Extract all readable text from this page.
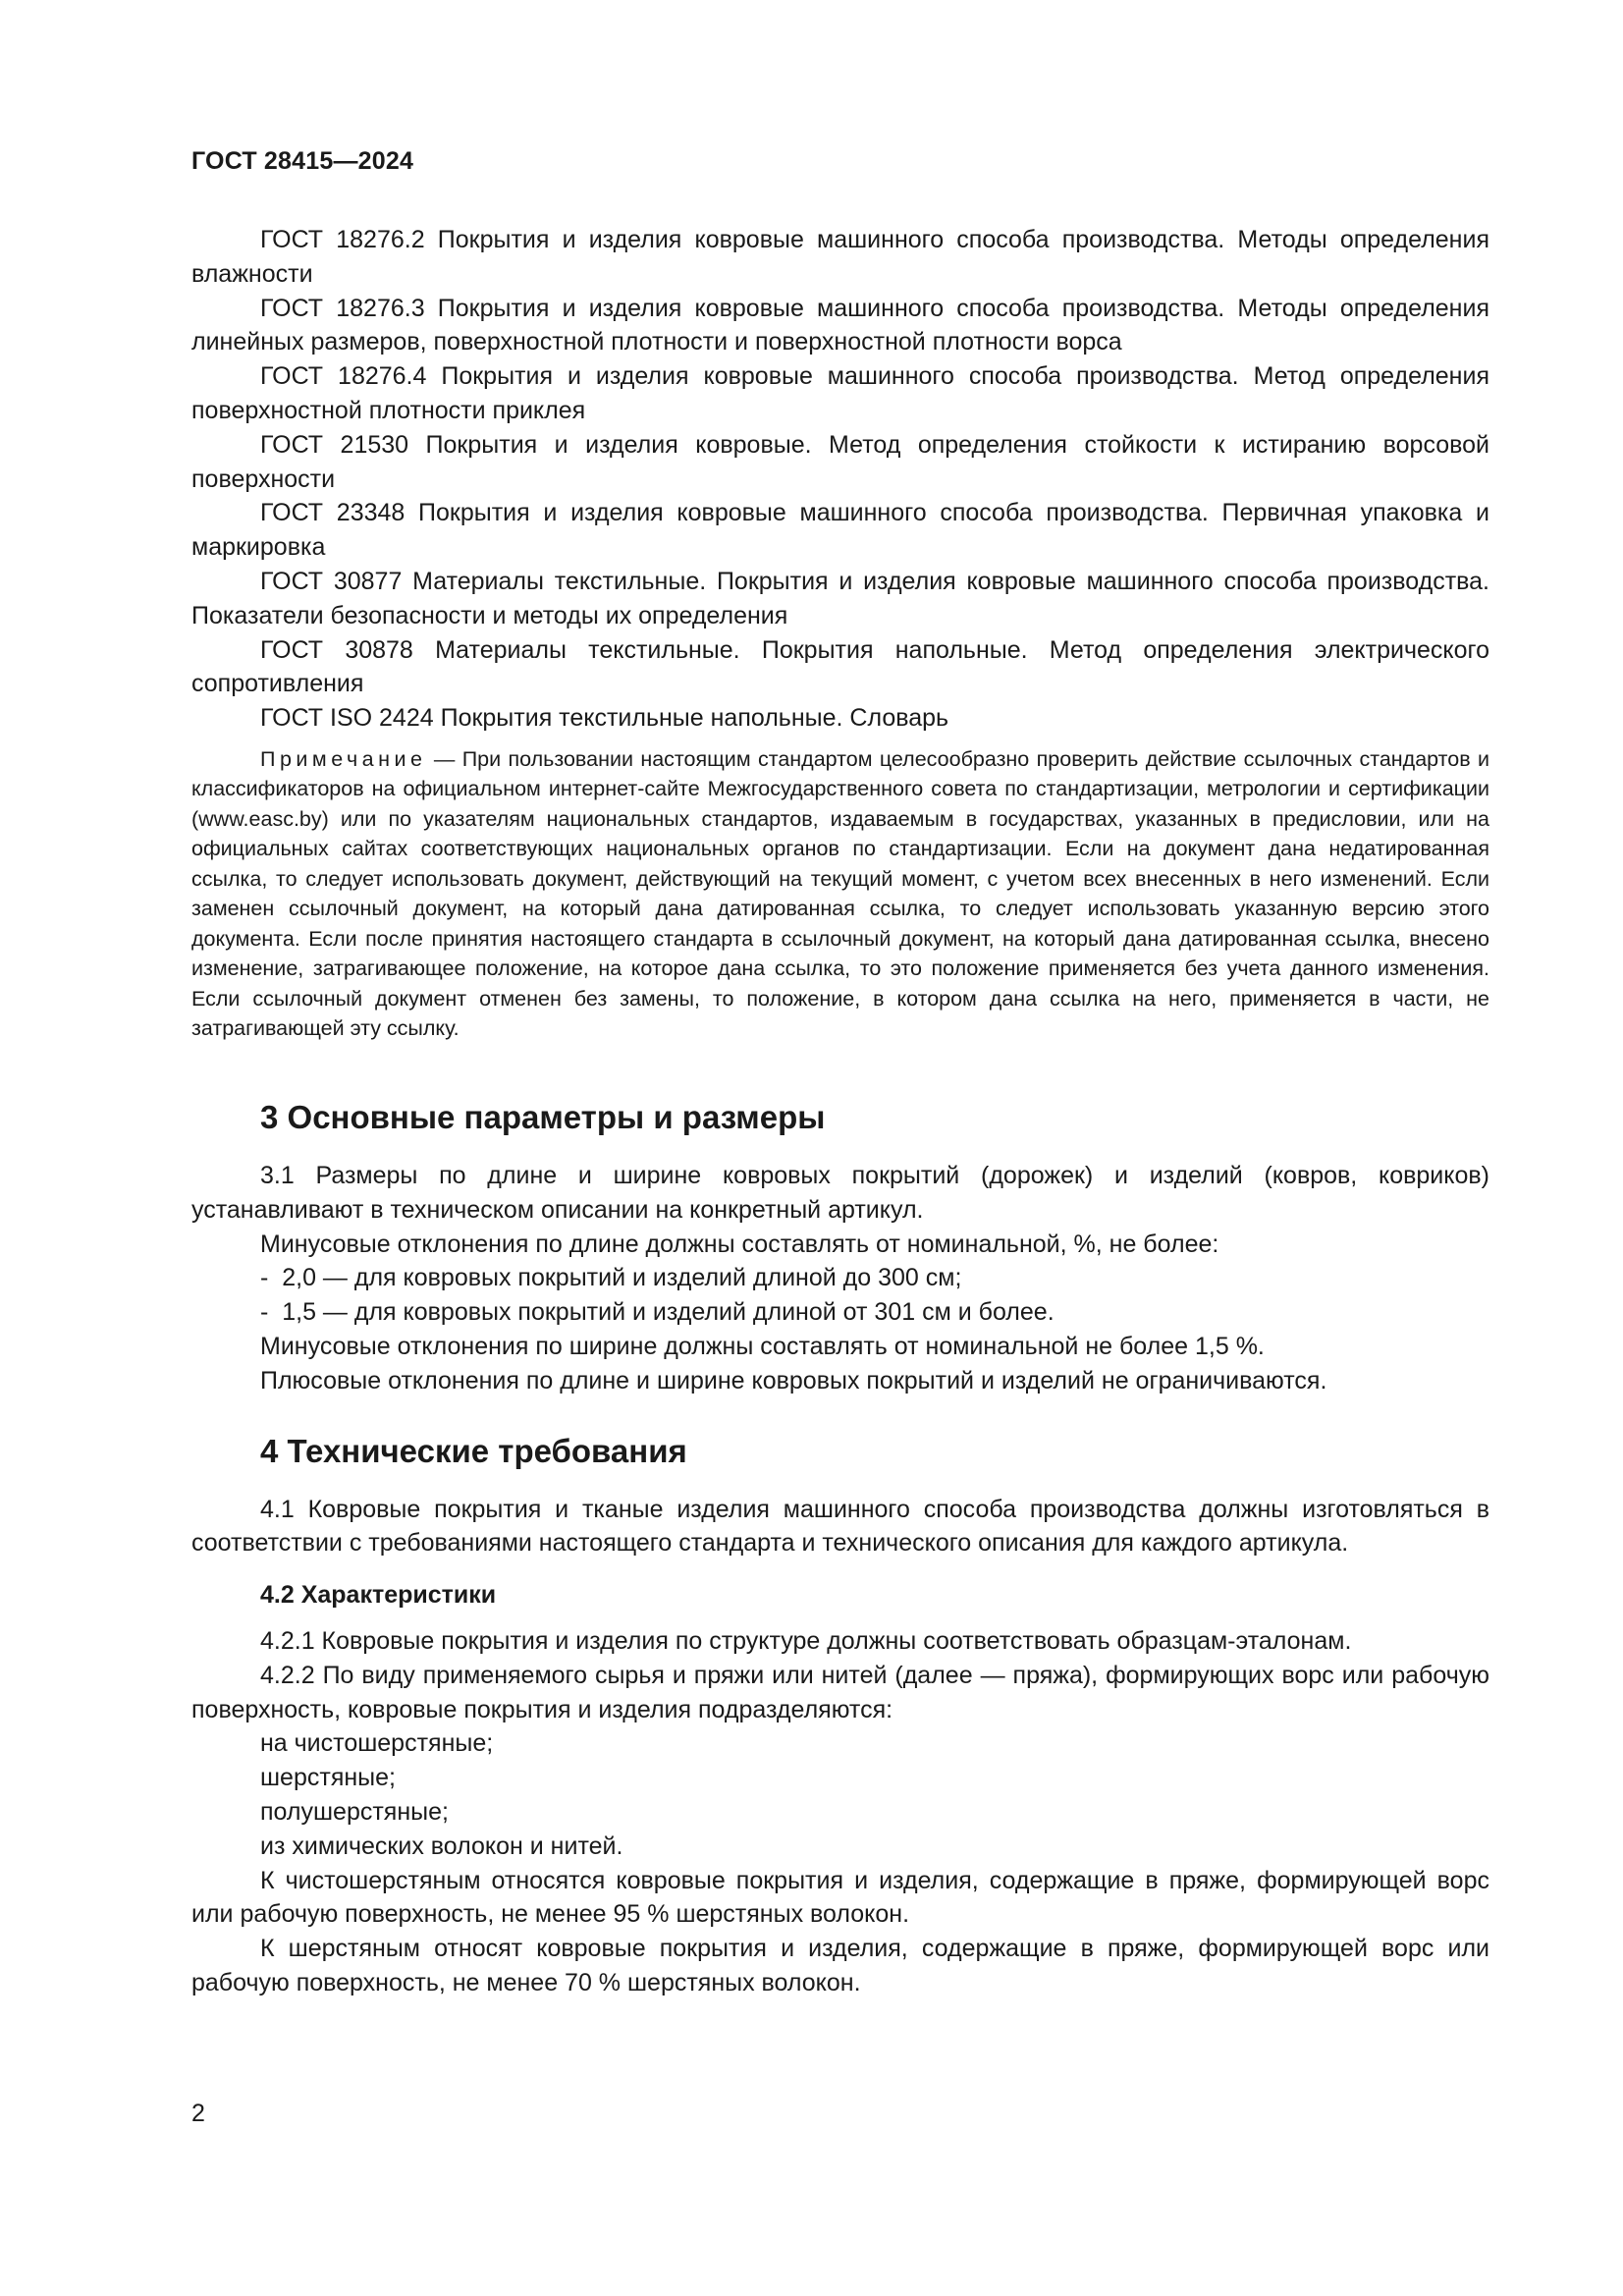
ГОСТ 28415—2024

ГОСТ 18276.2 Покрытия и изделия ковровые машинного способа производства. Методы определения влажности

ГОСТ 18276.3 Покрытия и изделия ковровые машинного способа производства. Методы определения линейных размеров, поверхностной плотности и поверхностной плотности ворса

ГОСТ 18276.4 Покрытия и изделия ковровые машинного способа производства. Метод определения поверхностной плотности приклея

ГОСТ 21530 Покрытия и изделия ковровые. Метод определения стойкости к истиранию ворсовой поверхности

ГОСТ 23348 Покрытия и изделия ковровые машинного способа производства. Первичная упаковка и маркировка

ГОСТ 30877 Материалы текстильные. Покрытия и изделия ковровые машинного способа производства. Показатели безопасности и методы их определения

ГОСТ 30878 Материалы текстильные. Покрытия напольные. Метод определения электрического сопротивления

ГОСТ ISO 2424 Покрытия текстильные напольные. Словарь

Примечание — При пользовании настоящим стандартом целесообразно проверить действие ссылочных стандартов и классификаторов на официальном интернет-сайте Межгосударственного совета по стандартизации, метрологии и сертификации (www.easc.by) или по указателям национальных стандартов, издаваемым в государствах, указанных в предисловии, или на официальных сайтах соответствующих национальных органов по стандартизации. Если на документ дана недатированная ссылка, то следует использовать документ, действующий на текущий момент, с учетом всех внесенных в него изменений. Если заменен ссылочный документ, на который дана датированная ссылка, то следует использовать указанную версию этого документа. Если после принятия настоящего стандарта в ссылочный документ, на который дана датированная ссылка, внесено изменение, затрагивающее положение, на которое дана ссылка, то это положение применяется без учета данного изменения. Если ссылочный документ отменен без замены, то положение, в котором дана ссылка на него, применяется в части, не затрагивающей эту ссылку.

3 Основные параметры и размеры

3.1 Размеры по длине и ширине ковровых покрытий (дорожек) и изделий (ковров, ковриков) устанавливают в техническом описании на конкретный артикул.

Минусовые отклонения по длине должны составлять от номинальной, %, не более:

-  2,0 — для ковровых покрытий и изделий длиной до 300 см;

-  1,5 — для ковровых покрытий и изделий длиной от 301 см и более.

Минусовые отклонения по ширине должны составлять от номинальной не более 1,5 %.

Плюсовые отклонения по длине и ширине ковровых покрытий и изделий не ограничиваются.

4 Технические требования

4.1 Ковровые покрытия и тканые изделия машинного способа производства должны изготовляться в соответствии с требованиями настоящего стандарта и технического описания для каждого артикула.

4.2 Характеристики

4.2.1 Ковровые покрытия и изделия по структуре должны соответствовать образцам-эталонам.

4.2.2 По виду применяемого сырья и пряжи или нитей (далее — пряжа), формирующих ворс или рабочую поверхность, ковровые покрытия и изделия подразделяются:

на чистошерстяные;

шерстяные;

полушерстяные;

из химических волокон и нитей.

К чистошерстяным относятся ковровые покрытия и изделия, содержащие в пряже, формирующей ворс или рабочую поверхность, не менее 95 % шерстяных волокон.

К шерстяным относят ковровые покрытия и изделия, содержащие в пряже, формирующей ворс или рабочую поверхность, не менее 70 % шерстяных волокон.

2
